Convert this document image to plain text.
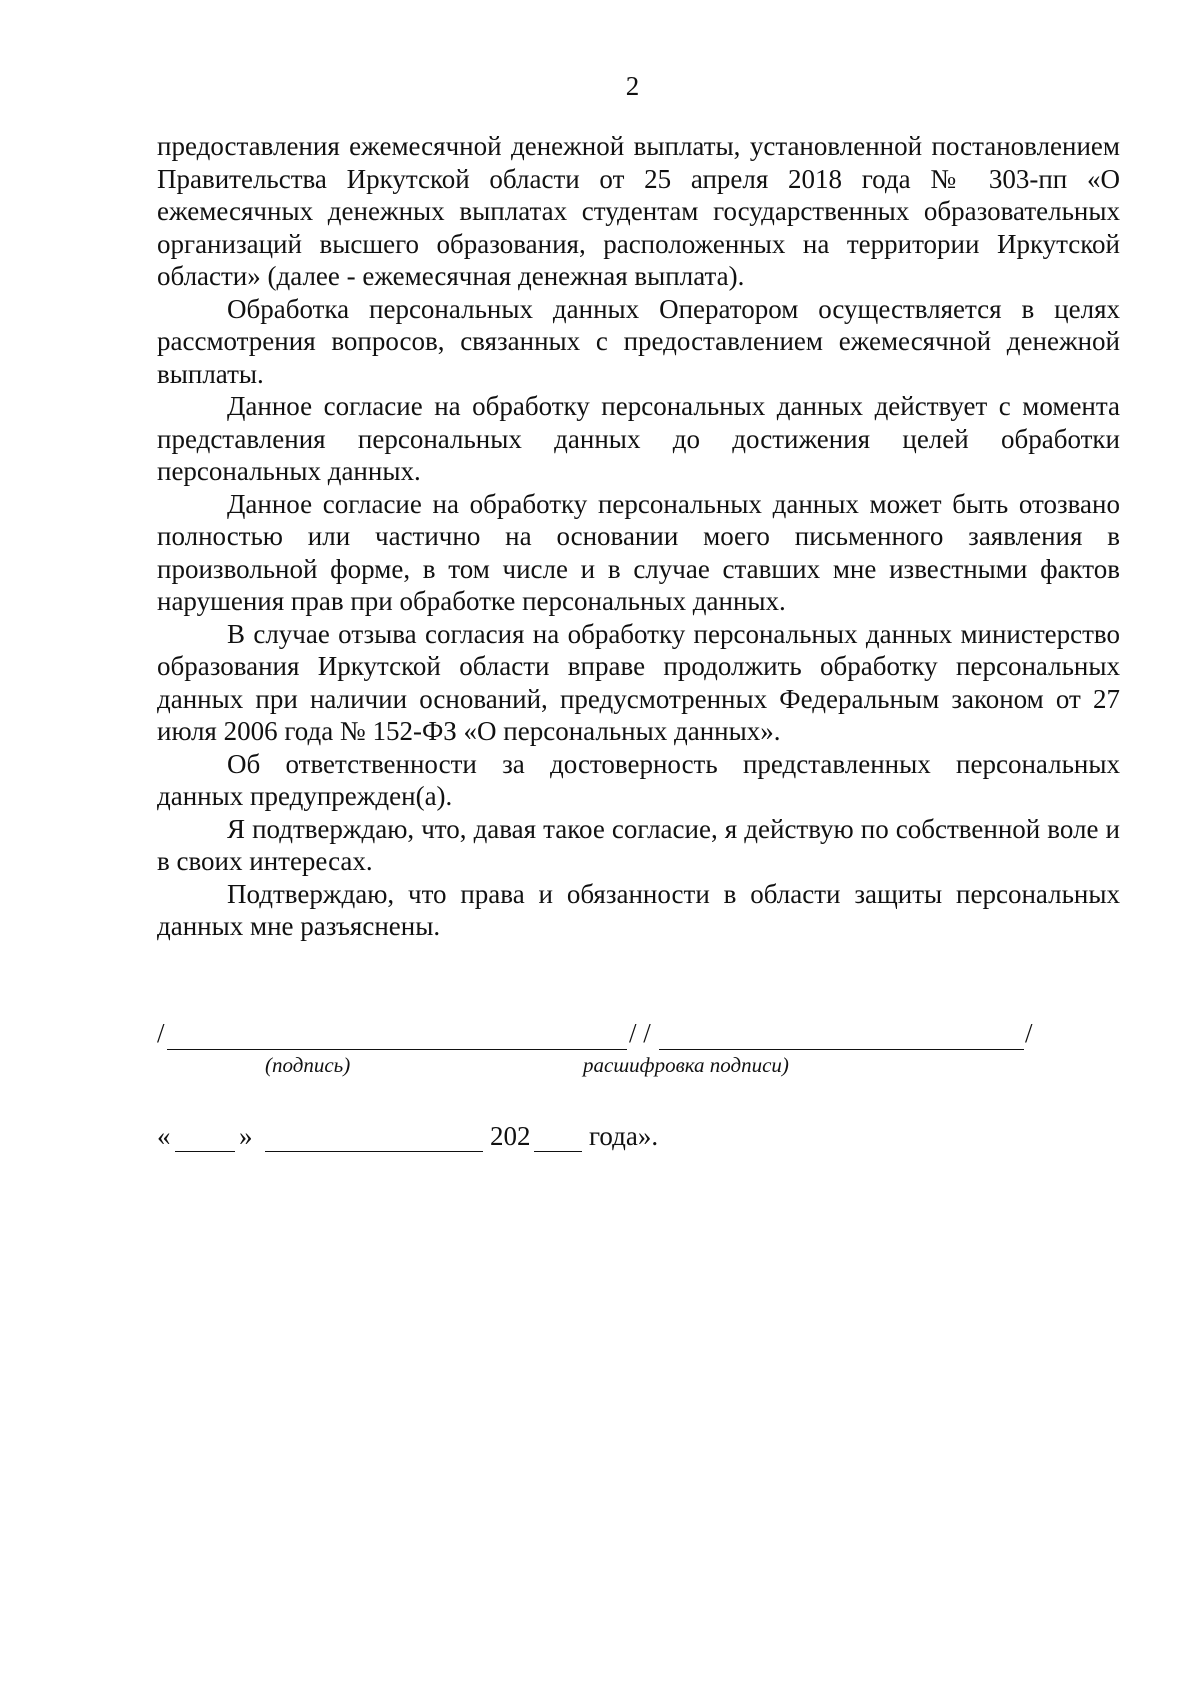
2

предоставления ежемесячной денежной выплаты, установленной постановлением Правительства Иркутской области от 25 апреля 2018 года № 303-пп «О ежемесячных денежных выплатах студентам государственных образовательных организаций высшего образования, расположенных на территории Иркутской области» (далее - ежемесячная денежная выплата).

Обработка персональных данных Оператором осуществляется в целях рассмотрения вопросов, связанных с предоставлением ежемесячной денежной выплаты.

Данное согласие на обработку персональных данных действует с момента представления персональных данных до достижения целей обработки персональных данных.

Данное согласие на обработку персональных данных может быть отозвано полностью или частично на основании моего письменного заявления в произвольной форме, в том числе и в случае ставших мне известными фактов нарушения прав при обработке персональных данных.

В случае отзыва согласия на обработку персональных данных министерство образования Иркутской области вправе продолжить обработку персональных данных при наличии оснований, предусмотренных Федеральным законом от 27 июля 2006 года № 152-ФЗ «О персональных данных».

Об ответственности за достоверность представленных персональных данных предупрежден(а).

Я подтверждаю, что, давая такое согласие, я действую по собственной воле и в своих интересах.

Подтверждаю, что права и обязанности в области защиты персональных данных мне разъяснены.

/	/ /	/
(подпись)	расшифровка подписи)
«	»	202 года».
